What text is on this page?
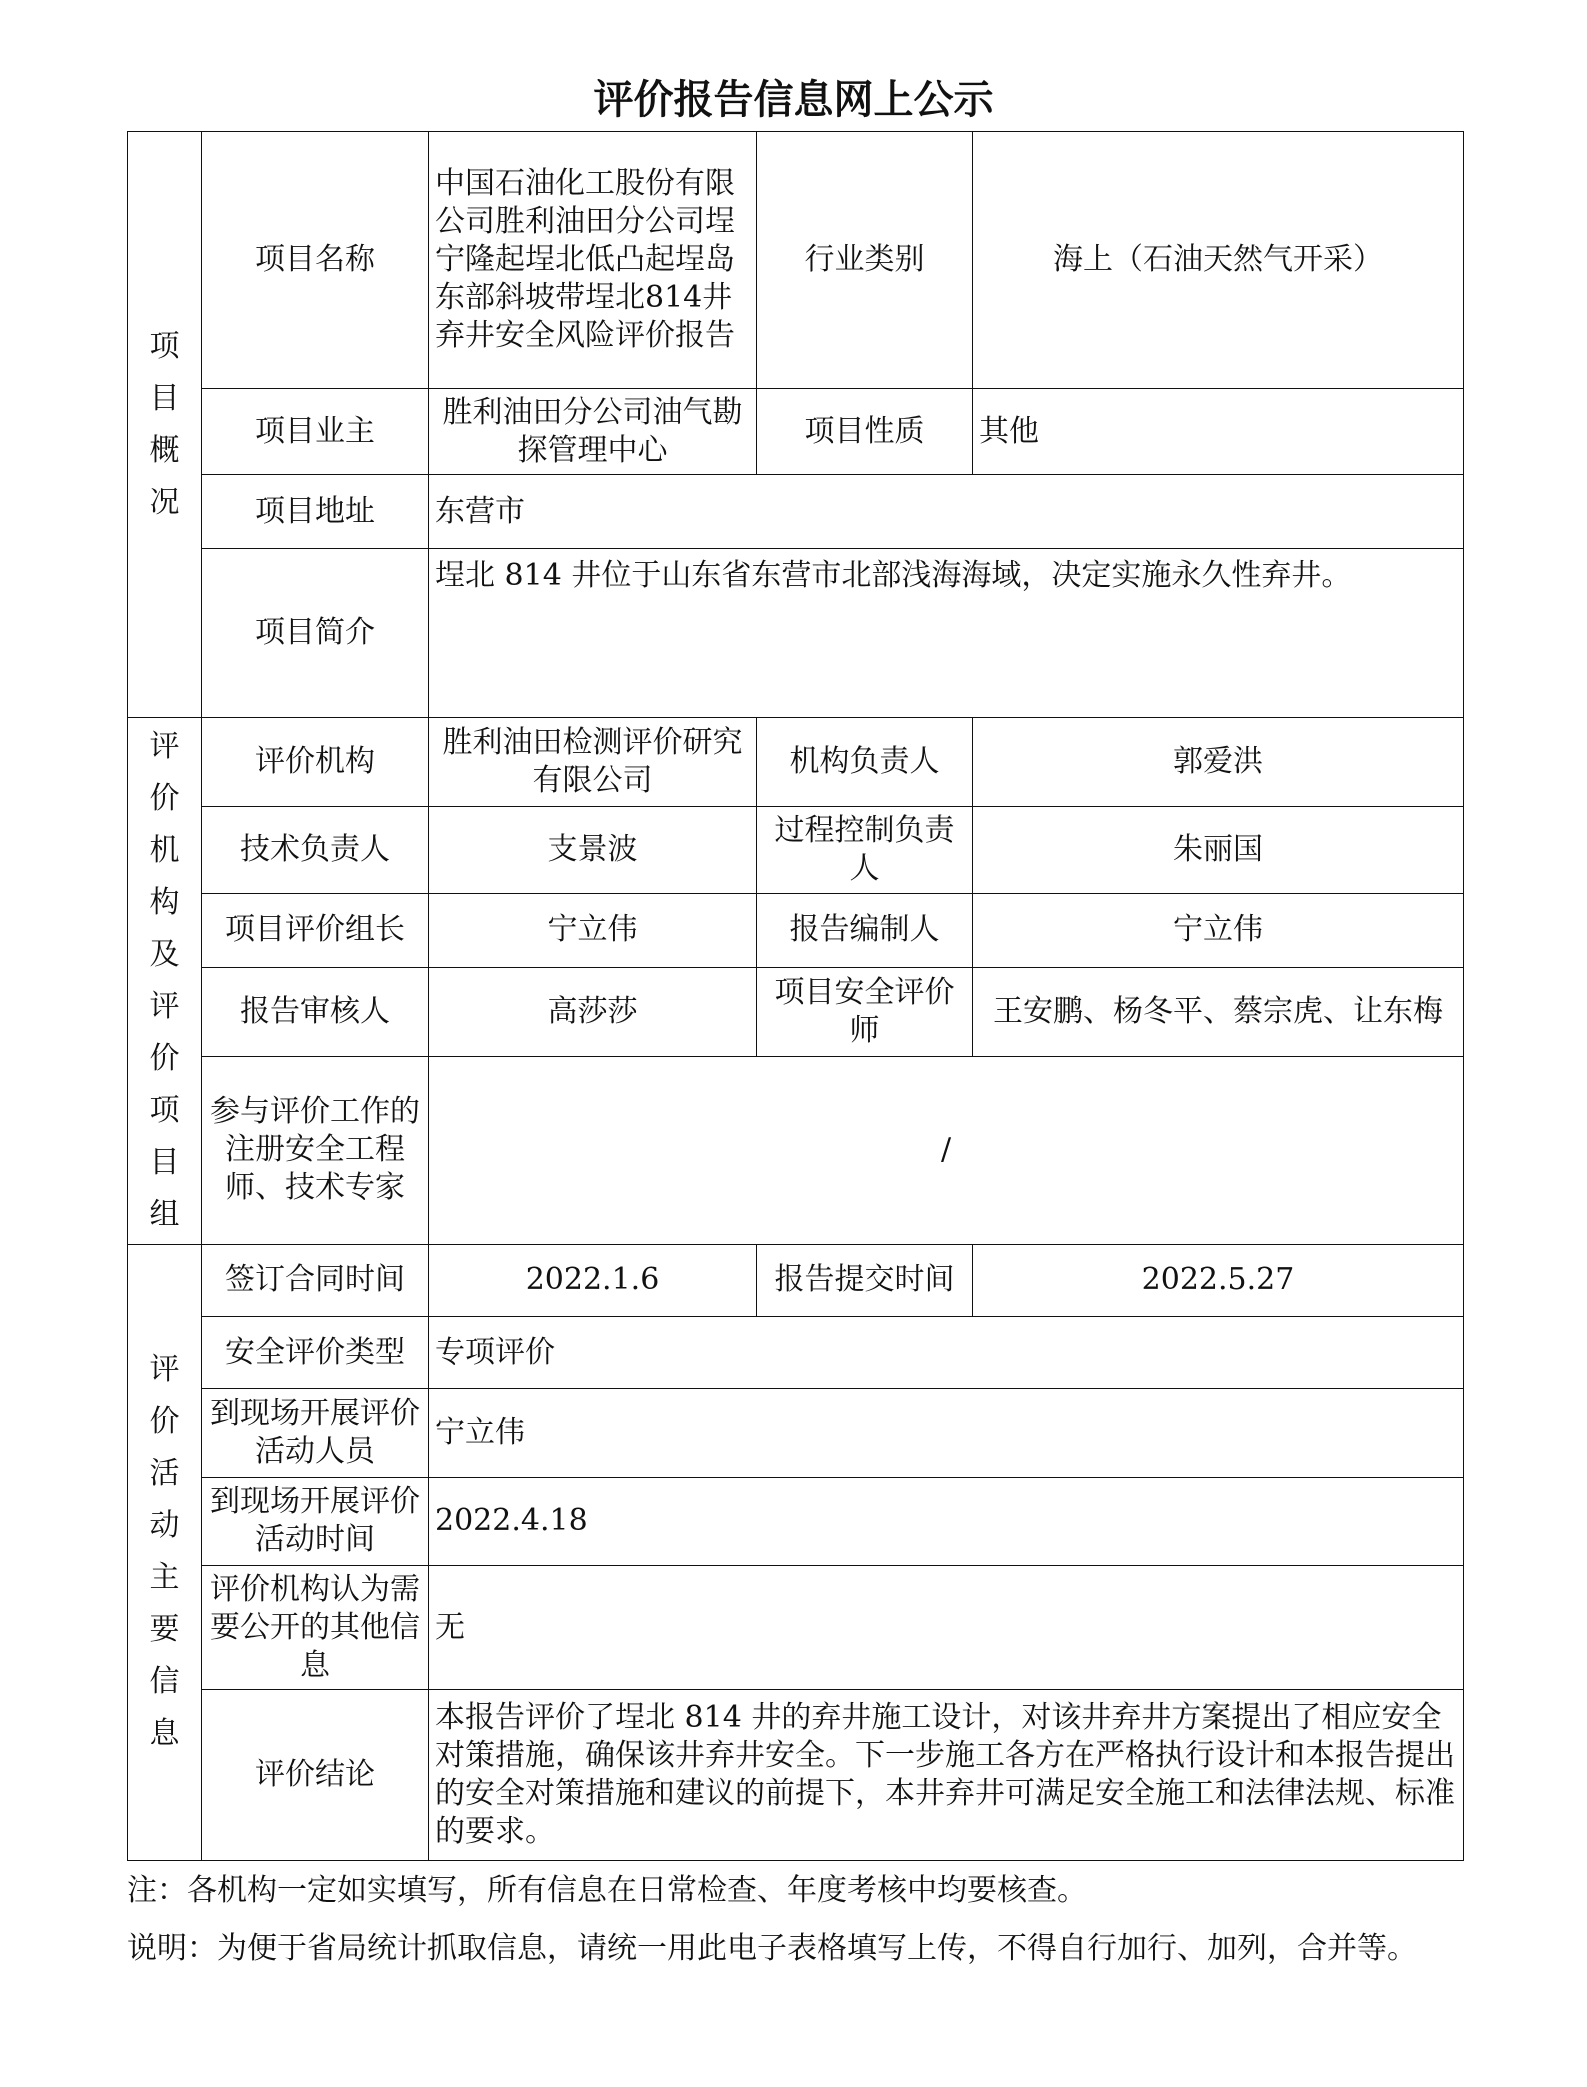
评价报告信息网上公示
项目概况	项目名称	中国石油化工股份有限公司胜利油田分公司埕宁隆起埕北低凸起埕岛东部斜坡带埕北814井弃井安全风险评价报告	行业类别	海上（石油天然气开采）
	项目业主	胜利油田分公司油气勘探管理中心	项目性质	其他
	项目地址	东营市		
	项目简介	埕北 814 井位于山东省东营市北部浅海海域，决定实施永久性弃井。		
评价机构及评价项目组	评价机构	胜利油田检测评价研究有限公司	机构负责人	郭爱洪
	技术负责人	支景波	过程控制负责人	朱丽国
	项目评价组长	宁立伟	报告编制人	宁立伟
	报告审核人	高莎莎	项目安全评价师	王安鹏、杨冬平、蔡宗虎、让东梅
	参与评价工作的注册安全工程师、技术专家	/		
评价活动主要信息	签订合同时间	2022.1.6	报告提交时间	2022.5.27
	安全评价类型	专项评价		
	到现场开展评价活动人员	宁立伟		
	到现场开展评价活动时间	2022.4.18		
	评价机构认为需要公开的其他信息	无		
	评价结论	本报告评价了埕北 814 井的弃井施工设计，对该井弃井方案提出了相应安全对策措施，确保该井弃井安全。下一步施工各方在严格执行设计和本报告提出的安全对策措施和建议的前提下，本井弃井可满足安全施工和法律法规、标准的要求。		
注：各机构一定如实填写，所有信息在日常检查、年度考核中均要核查。
说明：为便于省局统计抓取信息，请统一用此电子表格填写上传，不得自行加行、加列，合并等。
